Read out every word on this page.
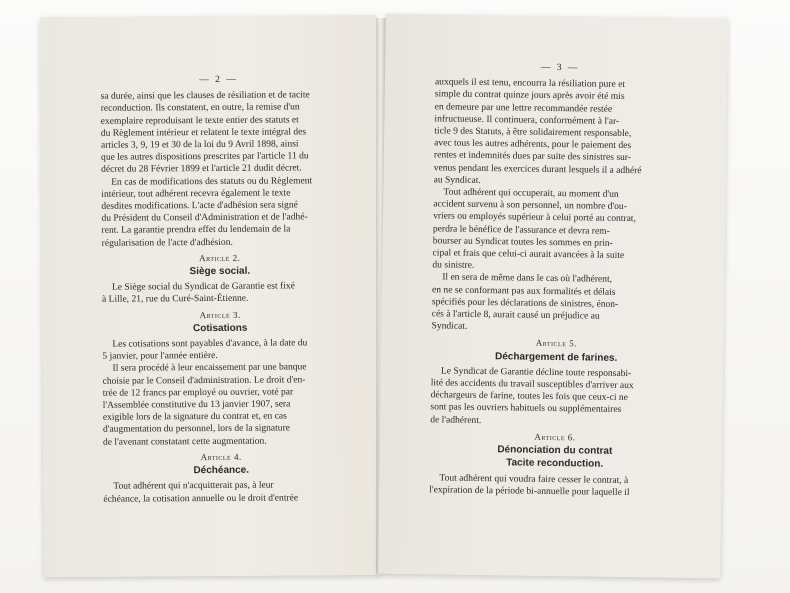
— 2 —
sa durée, ainsi que les clauses de résiliation et de tacite
reconduction. Ils constatent, en outre, la remise d'un
exemplaire reproduisant le texte entier des statuts et
du Règlement intérieur et relatent le texte intégral des
articles 3, 9, 19 et 30 de la loi du 9 Avril 1898, ainsi
que les autres dispositions prescrites par l'article 11 du
décret du 28 Février 1899 et l'article 21 dudit décret.
En cas de modifications des statuts ou du Règlement
intérieur, tout adhérent recevra également le texte
desdites modifications. L'acte d'adhésion sera signé
du Président du Conseil d'Administration et de l'adhé-
rent. La garantie prendra effet du lendemain de la
régularisation de l'acte d'adhésion.
Article 2.
Siège social.
Le Siège social du Syndicat de Garantie est fixé
à Lille, 21, rue du Curé-Saint-Étienne.
Article 3.
Cotisations
Les cotisations sont payables d'avance, à la date du
5 janvier, pour l'année entière.
Il sera procédé à leur encaissement par une banque
choisie par le Conseil d'administration. Le droit d'en-
trée de 12 francs par employé ou ouvrier, voté par
l'Assemblée constitutive du 13 janvier 1907, sera
exigible lors de la signature du contrat et, en cas
d'augmentation du personnel, lors de la signature
de l'avenant constatant cette augmentation.
Article 4.
Déchéance.
Tout adhérent qui n'acquitterait pas, à leur
échéance, la cotisation annuelle ou le droit d'entrée
— 3 —
auxquels il est tenu, encourra la résiliation pure et
simple du contrat quinze jours après avoir été mis
en demeure par une lettre recommandée restée
infructueuse. Il continuera, conformément à l'ar-
ticle 9 des Statuts, à être solidairement responsable,
avec tous les autres adhérents, pour le paiement des
rentes et indemnités dues par suite des sinistres sur-
venus pendant les exercices durant lesquels il a adhéré
au Syndicat.
Tout adhérent qui occuperait, au moment d'un
accident survenu à son personnel, un nombre d'ou-
vriers ou employés supérieur à celui porté au contrat,
perdra le bénéfice de l'assurance et devra rem-
bourser au Syndicat toutes les sommes en prin-
cipal et frais que celui-ci aurait avancées à la suite
du sinistre.
Il en sera de même dans le cas où l'adhérent,
en ne se conformant pas aux formalités et délais
spécifiés pour les déclarations de sinistres, énon-
cés à l'article 8, aurait causé un préjudice au
Syndicat.
Article 5.
Déchargement de farines.
Le Syndicat de Garantie décline toute responsabi-
lité des accidents du travail susceptibles d'arriver aux
déchargeurs de farine, toutes les fois que ceux-ci ne
sont pas les ouvriers habituels ou supplémentaires
de l'adhérent.
Article 6.
Dénonciation du contrat
Tacite reconduction.
Tout adhérent qui voudra faire cesser le contrat, à
l'expiration de la période bi-annuelle pour laquelle il
